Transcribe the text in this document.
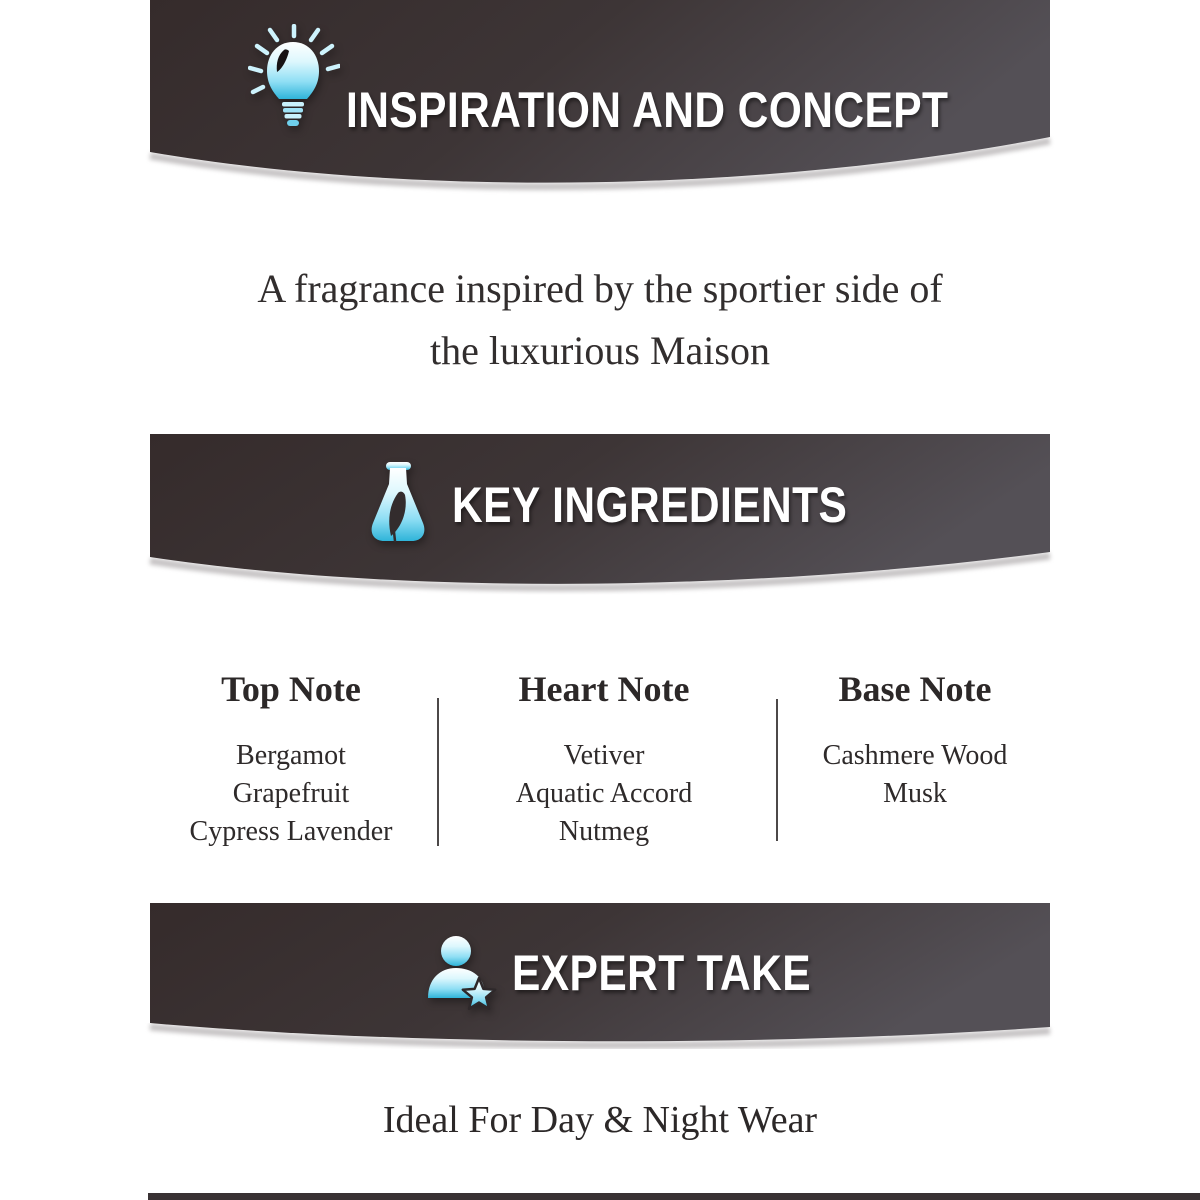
INSPIRATION AND CONCEPT
KEY INGREDIENTS
EXPERT TAKE
A fragrance inspired by the sportier side of
the luxurious Maison
Top Note
Bergamot
Grapefruit
Cypress Lavender
Heart Note
Vetiver
Aquatic Accord
Nutmeg
Base Note
Cashmere Wood
Musk
Ideal For Day & Night Wear
